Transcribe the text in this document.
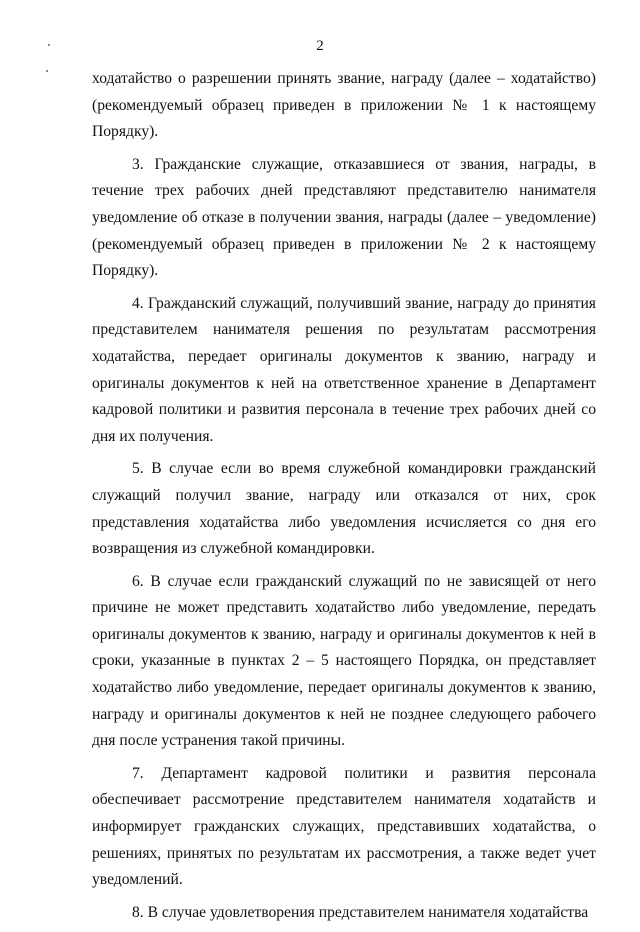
2

ходатайство о разрешении принять звание, награду (далее – ходатайство) (рекомендуемый образец приведен в приложении № 1 к настоящему Порядку).

3. Гражданские служащие, отказавшиеся от звания, награды, в течение трех рабочих дней представляют представителю нанимателя уведомление об отказе в получении звания, награды (далее – уведомление) (рекомендуемый образец приведен в приложении № 2 к настоящему Порядку).

4. Гражданский служащий, получивший звание, награду до принятия представителем нанимателя решения по результатам рассмотрения ходатайства, передает оригиналы документов к званию, награду и оригиналы документов к ней на ответственное хранение в Департамент кадровой политики и развития персонала в течение трех рабочих дней со дня их получения.

5. В случае если во время служебной командировки гражданский служащий получил звание, награду или отказался от них, срок представления ходатайства либо уведомления исчисляется со дня его возвращения из служебной командировки.

6. В случае если гражданский служащий по не зависящей от него причине не может представить ходатайство либо уведомление, передать оригиналы документов к званию, награду и оригиналы документов к ней в сроки, указанные в пунктах 2 – 5 настоящего Порядка, он представляет ходатайство либо уведомление, передает оригиналы документов к званию, награду и оригиналы документов к ней не позднее следующего рабочего дня после устранения такой причины.

7. Департамент кадровой политики и развития персонала обеспечивает рассмотрение представителем нанимателя ходатайств и информирует гражданских служащих, представивших ходатайства, о решениях, принятых по результатам их рассмотрения, а также ведет учет уведомлений.

8. В случае удовлетворения представителем нанимателя ходатайства
